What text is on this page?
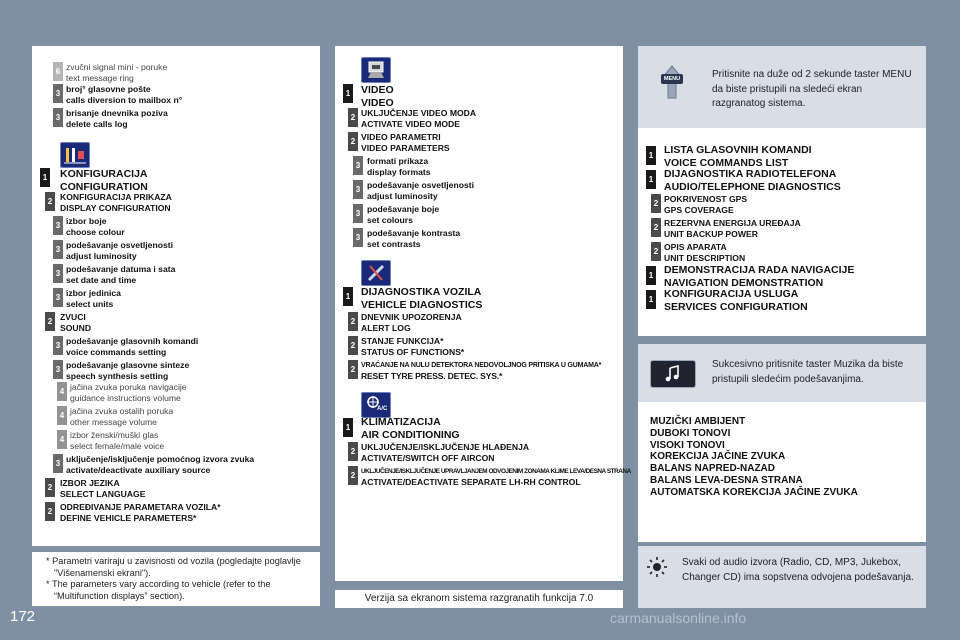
6 zvučni signal mini - poruke
text message ring
3 broj° glasovne pošte
calls diversion to mailbox n°
3 brisanje dnevnika poziva
delete calls log
1 KONFIGURACIJA
CONFIGURATION
2 KONFIGURACIJA PRIKAZA
DISPLAY CONFIGURATION
3 izbor boje
choose colour
3 podešavanje osvetljenosti
adjust luminosity
3 podešavanje datuma i sata
set date and time
3 izbor jedinica
select units
2 ZVUCI
SOUND
3 podešavanje glasovnih komandi
voice commands setting
3 podešavanje glasovne sinteze
speech synthesis setting
4 jačina zvuka poruka navigacije
guidance instructions volume
4 jačina zvuka ostalih poruka
other message volume
4 izbor ženski/muški glas
select female/male voice
3 uključenje/isključenje pomoćnog izvora zvuka
activate/deactivate auxiliary source
2 IZBOR JEZIKA
SELECT LANGUAGE
2 ODREĐIVANJE PARAMETARA VOZILA*
DEFINE VEHICLE PARAMETERS*
* Parametri variraju u zavisnosti od vozila (pogledajte poglavlje "Višenamenski ekrani").
* The parameters vary according to vehicle (refer to the “Multifunction displays” section).
1 VIDEO
VIDEO
2 UKLJUČENJE VIDEO MODA
ACTIVATE VIDEO MODE
2 VIDEO PARAMETRI
VIDEO PARAMETERS
3 formati prikaza
display formats
3 podešavanje osvetljenosti
adjust luminosity
3 podešavanje boje
set colours
3 podešavanje kontrasta
set contrasts
1 DIJAGNOSTIKA VOZILA
VEHICLE DIAGNOSTICS
2 DNEVNIK UPOZORENJA
ALERT LOG
2 STANJE FUNKCIJA*
STATUS OF FUNCTIONS*
2 VRAĆANJE NA NULU DETEKTORA NEDOVOLJNOG PRITISKA U GUMAMA*
RESET TYRE PRESS. DETEC. SYS.*
A/C
1 KLIMATIZACIJA
AIR CONDITIONING
2 UKLJUČENJE/ISKLJUČENJE HLAĐENJA
ACTIVATE/SWITCH OFF AIRCON
2 UKLJUČENJE/ISKLJUČENJE UPRAVLJANJEM ODVOJENIM ZONAMA KLIME LEVA/DESNA STRANA
ACTIVATE/DEACTIVATE SEPARATE LH-RH CONTROL
Verzija sa ekranom sistema razgranatih funkcija 7.0
MENU	Pritisnite na duže od 2 sekunde taster MENU da biste pristupili na sledeći ekran razgranatog sistema.
1 LISTA GLASOVNIH KOMANDI
VOICE COMMANDS LIST
1 DIJAGNOSTIKA RADIOTELEFONA
AUDIO/TELEPHONE DIAGNOSTICS
2 POKRIVENOST GPS
GPS COVERAGE
2 REZERVNA ENERGIJA UREĐAJA
UNIT BACKUP POWER
2 OPIS APARATA
UNIT DESCRIPTION
1 DEMONSTRACIJA RADA NAVIGACIJE
NAVIGATION DEMONSTRATION
1 KONFIGURACIJA USLUGA
SERVICES CONFIGURATION
Sukcesivno pritisnite taster Muzika da biste pristupili sledećim podešavanjima.
MUZIČKI AMBIJENT
DUBOKI TONOVI
VISOKI TONOVI
KOREKCIJA JAČINE ZVUKA
BALANS NAPRED-NAZAD
BALANS LEVA-DESNA STRANA
AUTOMATSKA KOREKCIJA JAČINE ZVUKA
Svaki od audio izvora (Radio, CD, MP3, Jukebox, Changer CD) ima sopstvena odvojena podešavanja.
172	carmanualsonline.info
